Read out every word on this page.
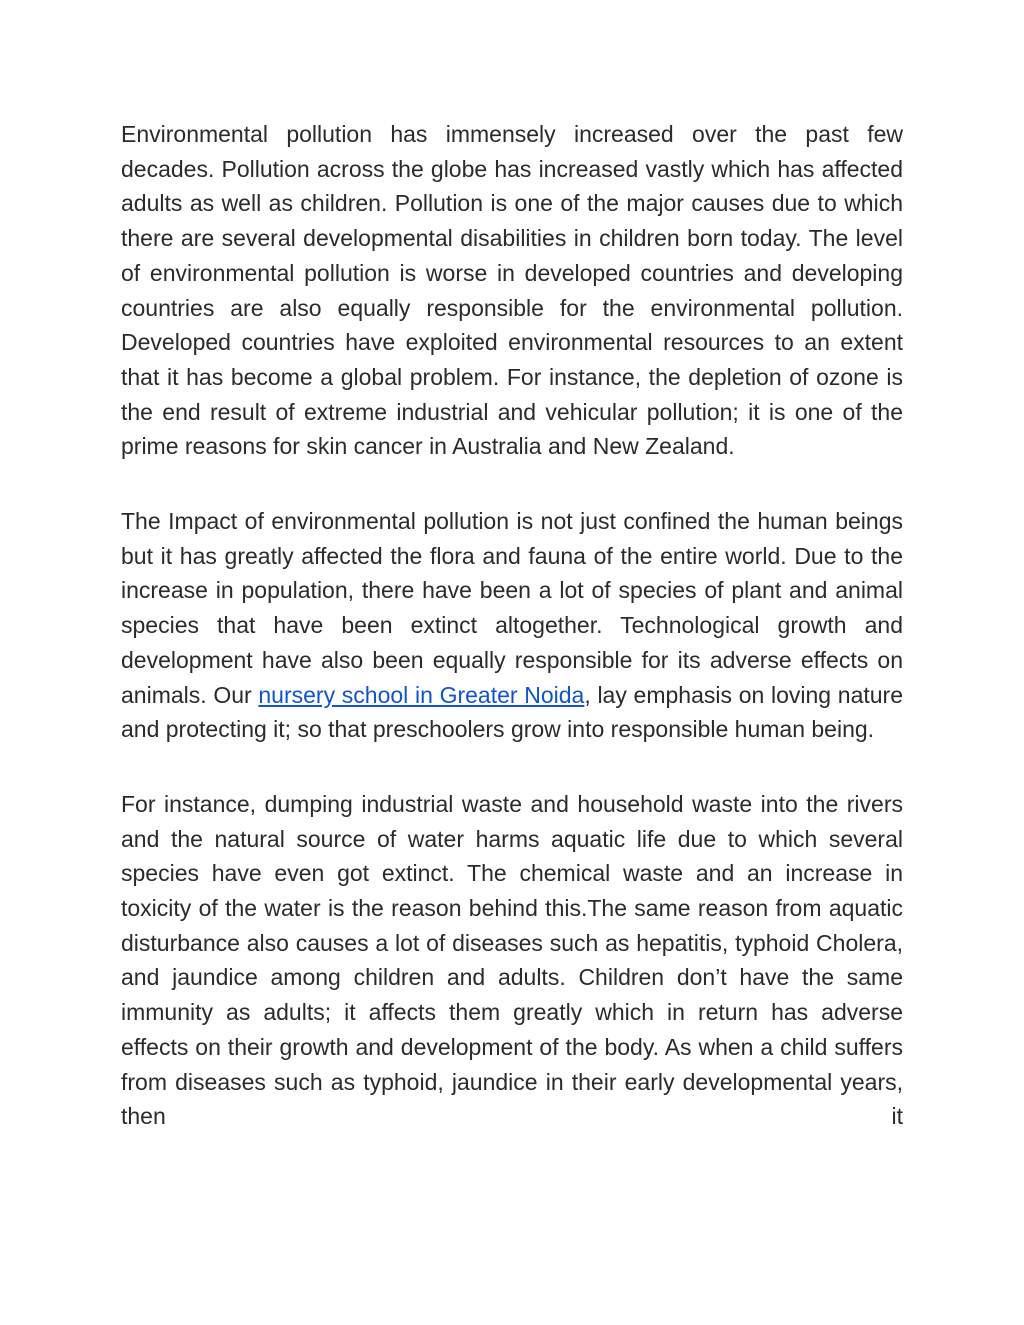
Environmental pollution has immensely increased over the past few decades. Pollution across the globe has increased vastly which has affected adults as well as children. Pollution is one of the major causes due to which there are several developmental disabilities in children born today. The level of environmental pollution is worse in developed countries and developing countries are also equally responsible for the environmental pollution. Developed countries have exploited environmental resources to an extent that it has become a global problem. For instance, the depletion of ozone is the end result of extreme industrial and vehicular pollution; it is one of the prime reasons for skin cancer in Australia and New Zealand.

The Impact of environmental pollution is not just confined the human beings but it has greatly affected the flora and fauna of the entire world. Due to the increase in population, there have been a lot of species of plant and animal species that have been extinct altogether. Technological growth and development have also been equally responsible for its adverse effects on animals. Our nursery school in Greater Noida, lay emphasis on loving nature and protecting it; so that preschoolers grow into responsible human being.

For instance, dumping industrial waste and household waste into the rivers and the natural source of water harms aquatic life due to which several species have even got extinct. The chemical waste and an increase in toxicity of the water is the reason behind this.The same reason from aquatic disturbance also causes a lot of diseases such as hepatitis, typhoid Cholera, and jaundice among children and adults. Children don’t have the same immunity as adults; it affects them greatly which in return has adverse effects on their growth and development of the body. As when a child suffers from diseases such as typhoid, jaundice in their early developmental years, then it
